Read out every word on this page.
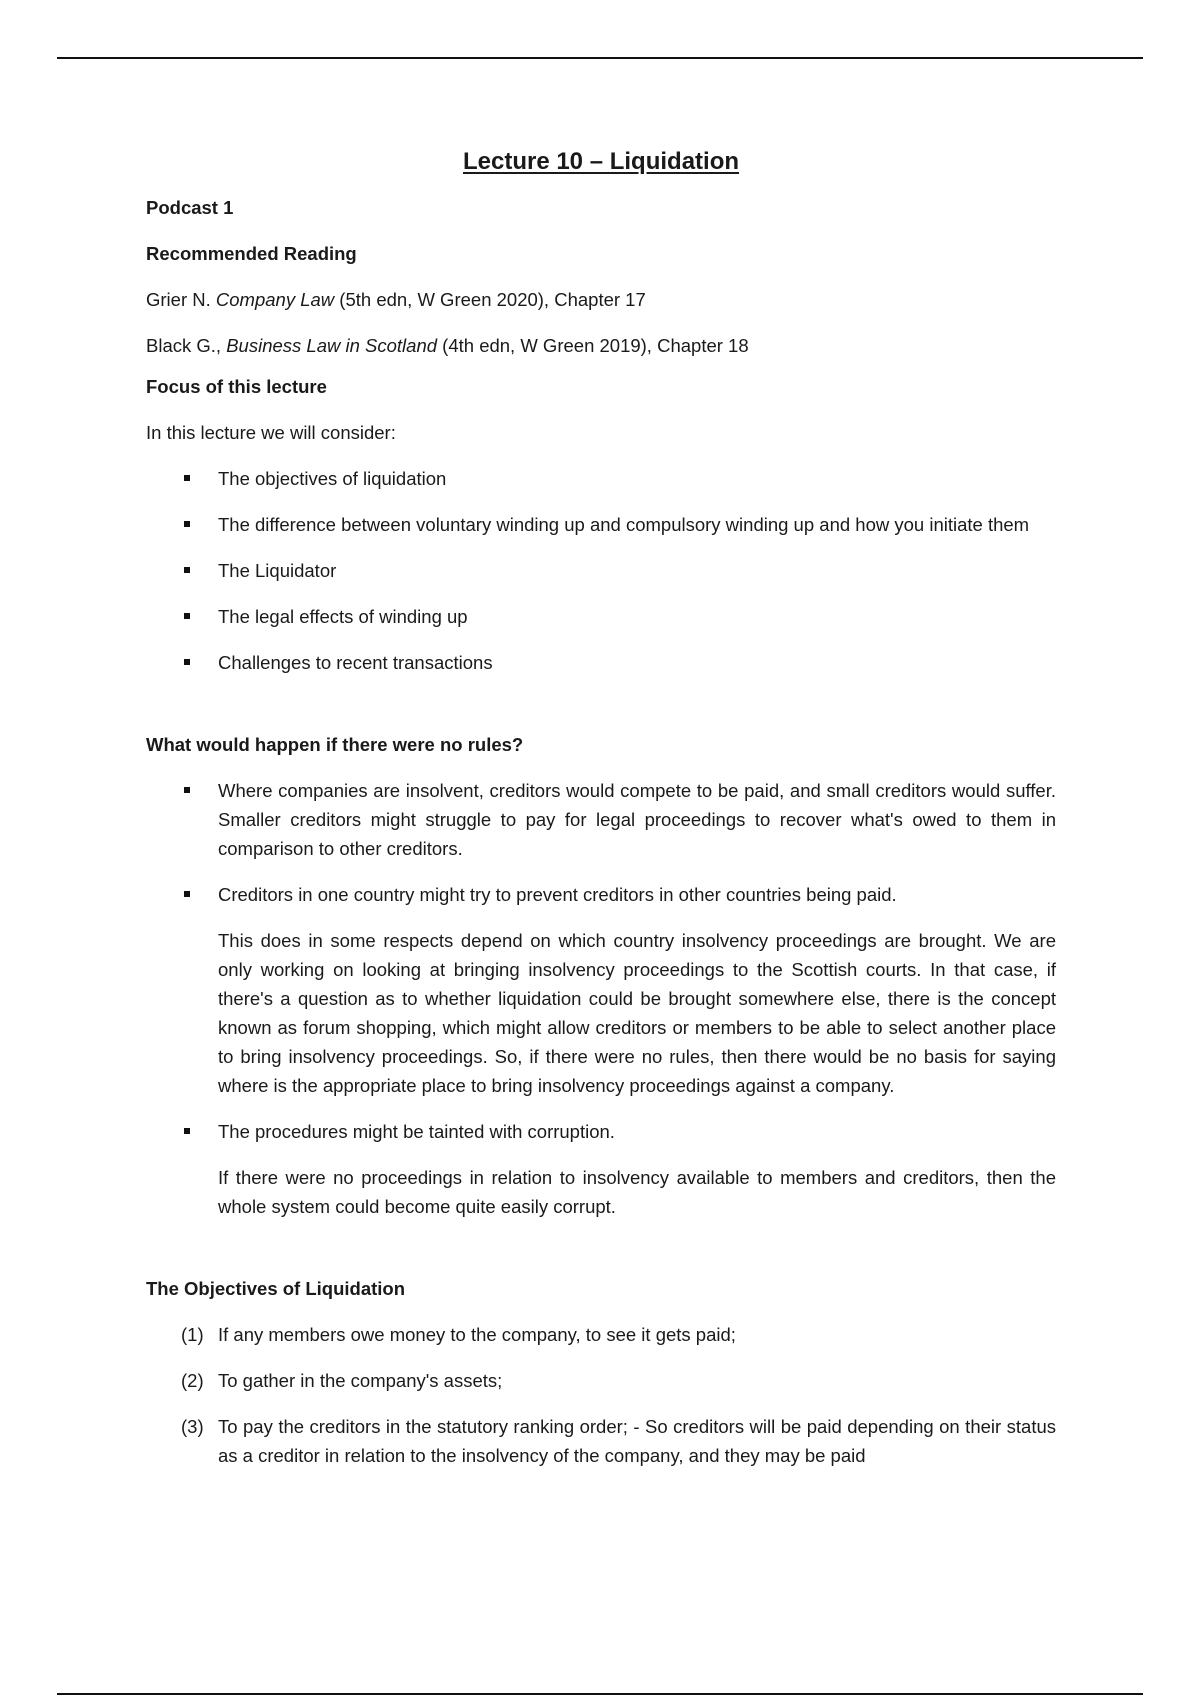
Lecture 10 – Liquidation
Podcast 1
Recommended Reading
Grier N. Company Law (5th edn, W Green 2020), Chapter 17
Black G., Business Law in Scotland (4th edn, W Green 2019), Chapter 18
Focus of this lecture
In this lecture we will consider:
The objectives of liquidation
The difference between voluntary winding up and compulsory winding up and how you initiate them
The Liquidator
The legal effects of winding up
Challenges to recent transactions
What would happen if there were no rules?
Where companies are insolvent, creditors would compete to be paid, and small creditors would suffer. Smaller creditors might struggle to pay for legal proceedings to recover what's owed to them in comparison to other creditors.
Creditors in one country might try to prevent creditors in other countries being paid.
This does in some respects depend on which country insolvency proceedings are brought. We are only working on looking at bringing insolvency proceedings to the Scottish courts. In that case, if there's a question as to whether liquidation could be brought somewhere else, there is the concept known as forum shopping, which might allow creditors or members to be able to select another place to bring insolvency proceedings. So, if there were no rules, then there would be no basis for saying where is the appropriate place to bring insolvency proceedings against a company.
The procedures might be tainted with corruption.
If there were no proceedings in relation to insolvency available to members and creditors, then the whole system could become quite easily corrupt.
The Objectives of Liquidation
(1) If any members owe money to the company, to see it gets paid;
(2) To gather in the company's assets;
(3) To pay the creditors in the statutory ranking order; - So creditors will be paid depending on their status as a creditor in relation to the insolvency of the company, and they may be paid
